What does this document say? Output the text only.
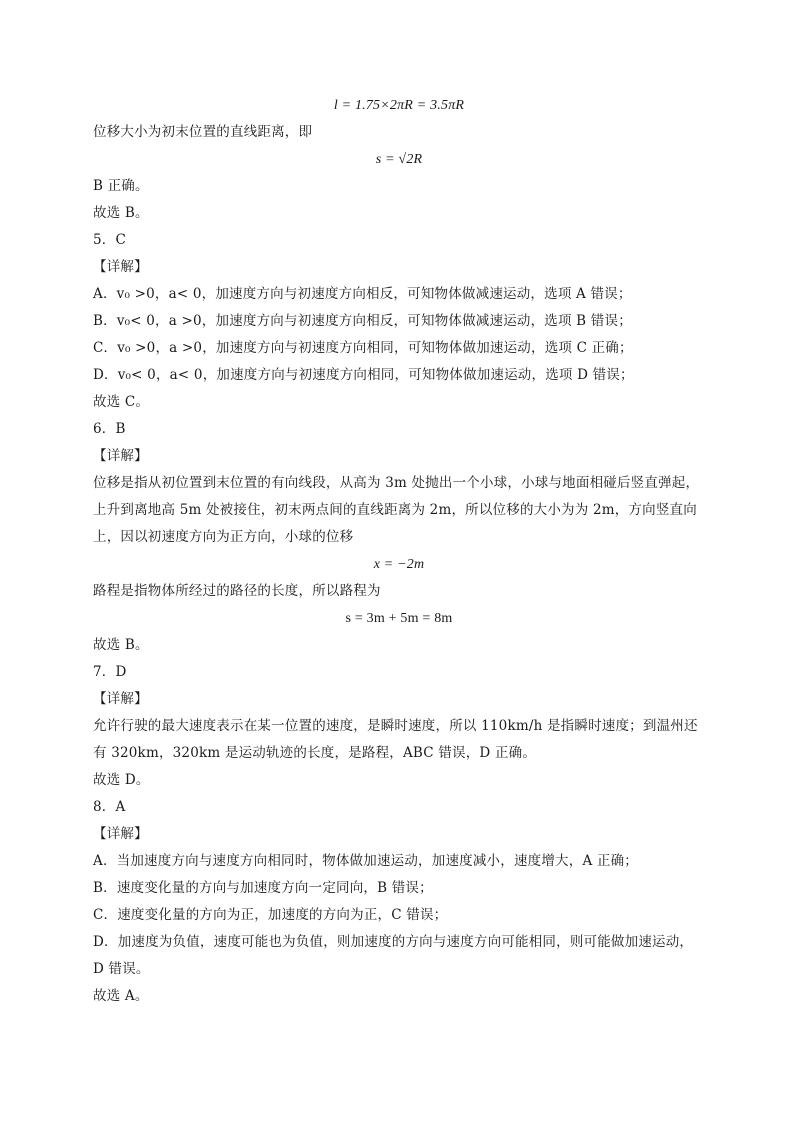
l = 1.75×2πR = 3.5πR
位移大小为初末位置的直线距离，即
s = √2R
B 正确。
故选 B。
5．C
【详解】
A．v₀ >0，a< 0，加速度方向与初速度方向相反，可知物体做减速运动，选项 A 错误；
B．v₀< 0，a >0，加速度方向与初速度方向相反，可知物体做减速运动，选项 B 错误；
C．v₀ >0，a >0，加速度方向与初速度方向相同，可知物体做加速运动，选项 C 正确；
D．v₀< 0，a< 0，加速度方向与初速度方向相同，可知物体做加速运动，选项 D 错误；
故选 C。
6．B
【详解】
位移是指从初位置到末位置的有向线段，从高为 3m 处抛出一个小球，小球与地面相碰后竖直弹起，
上升到离地高 5m 处被接住，初末两点间的直线距离为 2m，所以位移的大小为为 2m，方向竖直向
上，因以初速度方向为正方向，小球的位移
x = −2m
路程是指物体所经过的路径的长度，所以路程为
s = 3m + 5m = 8m
故选 B。
7．D
【详解】
允许行驶的最大速度表示在某一位置的速度，是瞬时速度，所以 110km/h 是指瞬时速度；到温州还
有 320km，320km 是运动轨迹的长度，是路程，ABC 错误，D 正确。
故选 D。
8．A
【详解】
A．当加速度方向与速度方向相同时，物体做加速运动，加速度减小，速度增大，A 正确；
B．速度变化量的方向与加速度方向一定同向，B 错误；
C．速度变化量的方向为正，加速度的方向为正，C 错误；
D．加速度为负值，速度可能也为负值，则加速度的方向与速度方向可能相同，则可能做加速运动，
D 错误。
故选 A。
